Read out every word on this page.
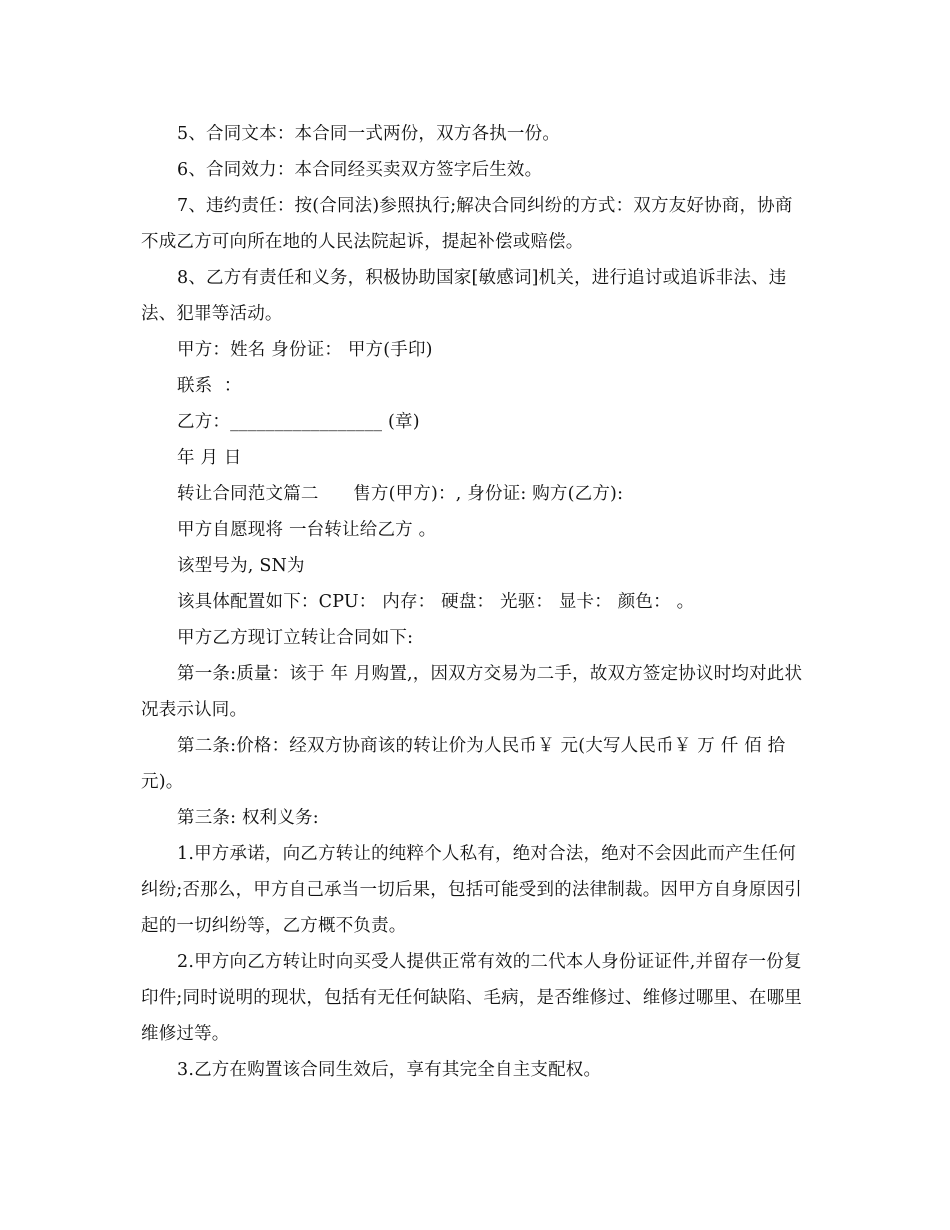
5、合同文本：本合同一式两份，双方各执一份。

6、合同效力：本合同经买卖双方签字后生效。

7、违约责任：按(合同法)参照执行;解决合同纠纷的方式：双方友好协商，协商不成乙方可向所在地的人民法院起诉，提起补偿或赔偿。

8、乙方有责任和义务，积极协助国家[敏感词]机关，进行追讨或追诉非法、违法、犯罪等活动。

甲方：姓名 身份证： 甲方(手印)

联系  ：

乙方：_________________ (章)

年 月 日

转让合同范文篇二      售方(甲方)：, 身份证: 购方(乙方):

甲方自愿现将 一台转让给乙方 。

该型号为, SN为

该具体配置如下：CPU： 内存： 硬盘： 光驱： 显卡： 颜色： 。

甲方乙方现订立转让合同如下:

第一条:质量：该于 年 月购置,，因双方交易为二手，故双方签定协议时均对此状况表示认同。

第二条:价格：经双方协商该的转让价为人民币￥ 元(大写人民币￥ 万 仟 佰 拾 元)。

第三条: 权利义务:

1.甲方承诺，向乙方转让的纯粹个人私有，绝对合法，绝对不会因此而产生任何纠纷;否那么，甲方自己承当一切后果，包括可能受到的法律制裁。因甲方自身原因引起的一切纠纷等，乙方概不负责。

2.甲方向乙方转让时向买受人提供正常有效的二代本人身份证证件,并留存一份复印件;同时说明的现状，包括有无任何缺陷、毛病，是否维修过、维修过哪里、在哪里维修过等。

3.乙方在购置该合同生效后，享有其完全自主支配权。
